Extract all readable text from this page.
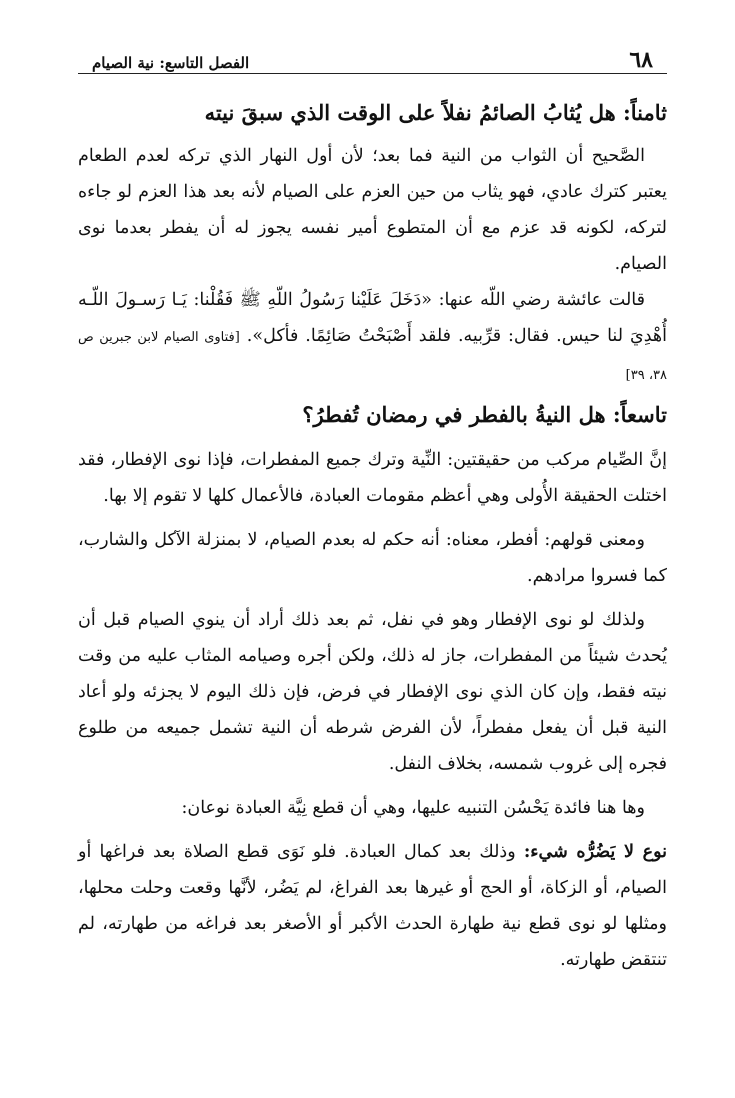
٦٨
الفصل التاسع: نية الصيام
ثامناً: هل يُثابُ الصائمُ نفلاً على الوقت الذي سبقَ نيته

الصَّحيح أن الثواب من النية فما بعد؛ لأن أول النهار الذي تركه لعدم الطعام يعتبر كترك عادي، فهو يثاب من حين العزم على الصيام لأنه بعد هذا العزم لو جاءه لتركه، لكونه قد عزم مع أن المتطوع أمير نفسه يجوز له أن يفطر بعدما نوى الصيام.

قالت عائشة رضي اللّه عنها: «دَخَلَ عَلَيْنا رَسُولُ اللّهِ ﷺ فَقُلْنا: يَـا رَسـولَ اللّـه أُهْدِيَ لنا حيس. فقال: قرِّبيه. فلقد أَصْبَحْتُ صَائِمًا. فأكل». [فتاوى الصيام لابن جبرين ص ٣٨، ٣٩]

تاسعاً: هل النيةُ بالفطر في رمضان تُفطرُ؟

إنَّ الصِّيام مركب من حقيقتين: النِّية وترك جميع المفطرات، فإذا نوى الإفطار، فقد اختلت الحقيقة الأُولى وهي أعظم مقومات العبادة، فالأعمال كلها لا تقوم إلا بها.

ومعنى قولهم: أفطر، معناه: أنه حكم له بعدم الصيام، لا بمنزلة الآكل والشارب، كما فسروا مرادهم.

ولذلك لو نوى الإفطار وهو في نفل، ثم بعد ذلك أراد أن ينوي الصيام قبل أن يُحدث شيئاً من المفطرات، جاز له ذلك، ولكن أجره وصيامه المثاب عليه من وقت نيته فقط، وإن كان الذي نوى الإفطار في فرض، فإن ذلك اليوم لا يجزئه ولو أعاد النية قبل أن يفعل مفطراً، لأن الفرض شرطه أن النية تشمل جميعه من طلوع فجره إلى غروب شمسه، بخلاف النفل.

وها هنا فائدة يَحْسُن التنبيه عليها، وهي أن قطع نِيَّة العبادة نوعان:

نوع لا يَضُرُّه شيء: وذلك بعد كمال العبادة. فلو نَوَى قطع الصلاة بعد فراغها أو الصيام، أو الزكاة، أو الحج أو غيرها بعد الفراغ، لم يَضُر، لأنَّها وقعت وحلت محلها، ومثلها لو نوى قطع نية طهارة الحدث الأكبر أو الأصغر بعد فراغه من طهارته، لم تنتقض طهارته.
